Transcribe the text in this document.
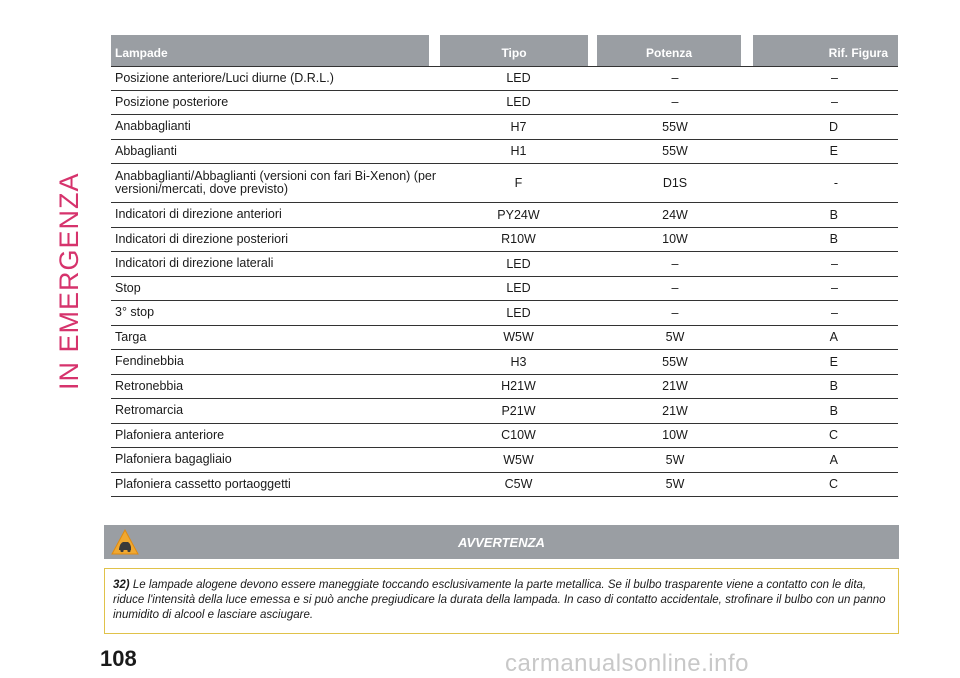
IN EMERGENZA
Lampade	Tipo	Potenza	Rif. Figura
Posizione anteriore/Luci diurne (D.R.L.)	LED	–	–
Posizione posteriore	LED	–	–
Anabbaglianti	H7	55W	D
Abbaglianti	H1	55W	E
Anabbaglianti/Abbaglianti (versioni con fari Bi-Xenon) (per versioni/mercati, dove previsto)	F	D1S	-
Indicatori di direzione anteriori	PY24W	24W	B
Indicatori di direzione posteriori	R10W	10W	B
Indicatori di direzione laterali	LED	–	–
Stop	LED	–	–
3° stop	LED	–	–
Targa	W5W	5W	A
Fendinebbia	H3	55W	E
Retronebbia	H21W	21W	B
Retromarcia	P21W	21W	B
Plafoniera anteriore	C10W	10W	C
Plafoniera bagagliaio	W5W	5W	A
Plafoniera cassetto portaoggetti	C5W	5W	C
AVVERTENZA
32) Le lampade alogene devono essere maneggiate toccando esclusivamente la parte metallica. Se il bulbo trasparente viene a contatto con le dita, riduce l'intensità della luce emessa e si può anche pregiudicare la durata della lampada. In caso di contatto accidentale, strofinare il bulbo con un panno inumidito di alcool e lasciare asciugare.
108	carmanualsonline.info
